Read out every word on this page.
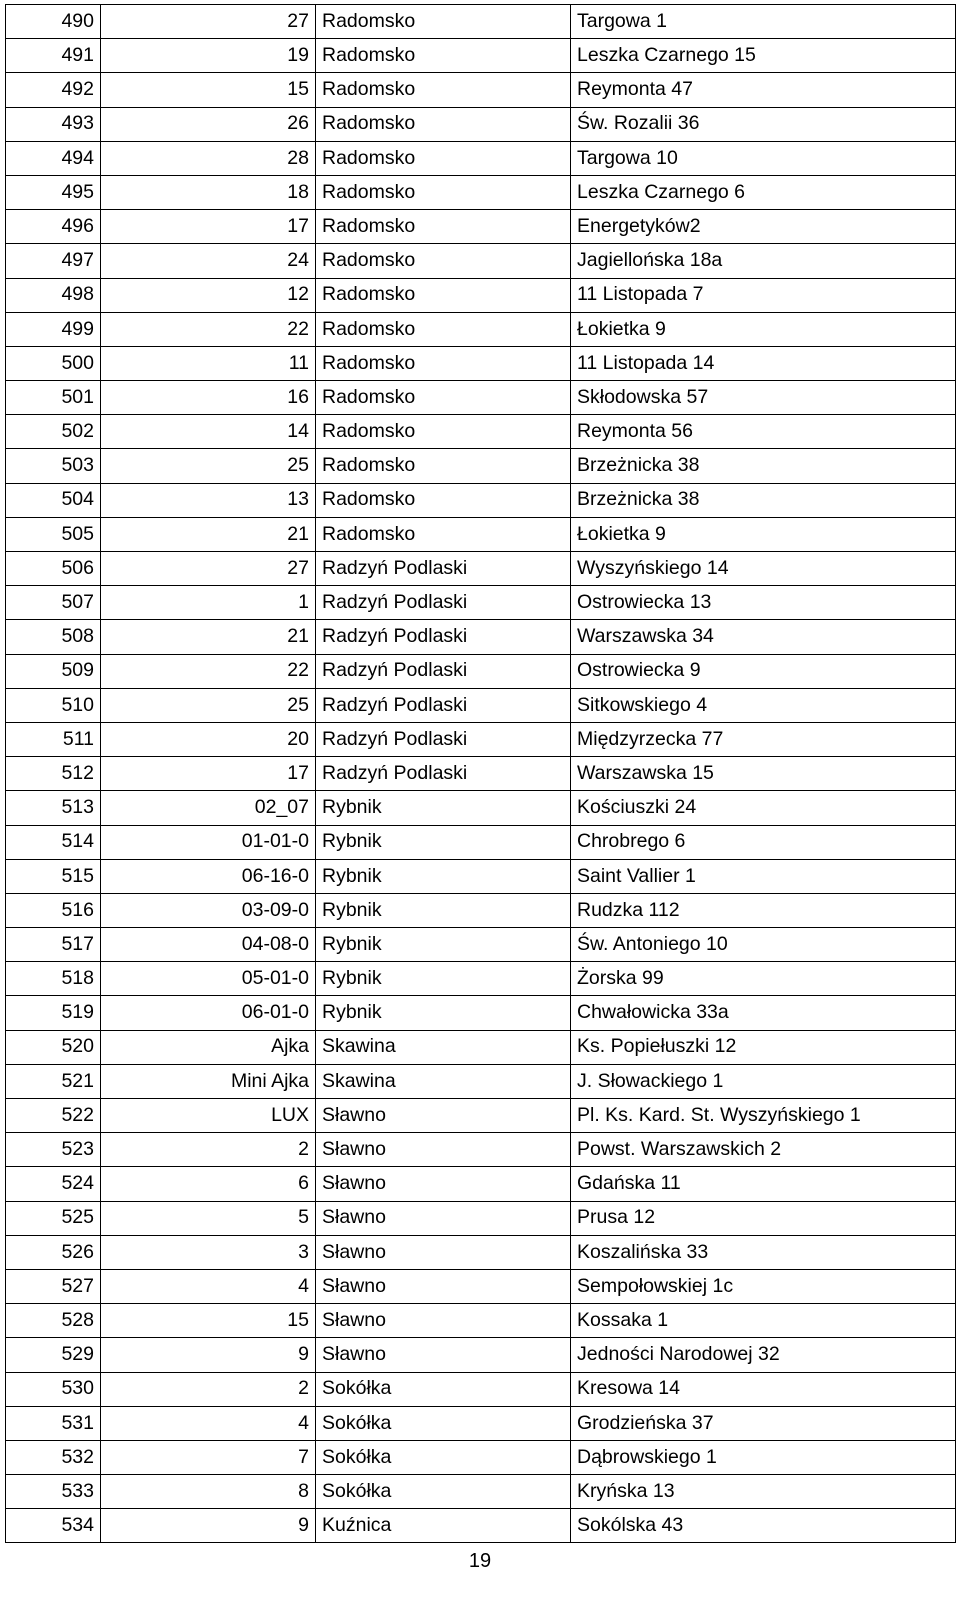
490	27	Radomsko	Targowa 1
491	19	Radomsko	Leszka Czarnego 15
492	15	Radomsko	Reymonta 47
493	26	Radomsko	Św. Rozalii 36
494	28	Radomsko	Targowa 10
495	18	Radomsko	Leszka Czarnego 6
496	17	Radomsko	Energetyków2
497	24	Radomsko	Jagiellońska 18a
498	12	Radomsko	11 Listopada 7
499	22	Radomsko	Łokietka 9
500	11	Radomsko	11 Listopada 14
501	16	Radomsko	Skłodowska 57
502	14	Radomsko	Reymonta 56
503	25	Radomsko	Brzeżnicka 38
504	13	Radomsko	Brzeżnicka 38
505	21	Radomsko	Łokietka 9
506	27	Radzyń Podlaski	Wyszyńskiego 14
507	1	Radzyń Podlaski	Ostrowiecka 13
508	21	Radzyń Podlaski	Warszawska 34
509	22	Radzyń Podlaski	Ostrowiecka 9
510	25	Radzyń Podlaski	Sitkowskiego 4
511	20	Radzyń Podlaski	Międzyrzecka 77
512	17	Radzyń Podlaski	Warszawska 15
513	02_07	Rybnik	Kościuszki 24
514	01-01-0	Rybnik	Chrobrego 6
515	06-16-0	Rybnik	Saint Vallier 1
516	03-09-0	Rybnik	Rudzka 112
517	04-08-0	Rybnik	Św. Antoniego 10
518	05-01-0	Rybnik	Żorska 99
519	06-01-0	Rybnik	Chwałowicka 33a
520	Ajka	Skawina	Ks. Popiełuszki 12
521	Mini Ajka	Skawina	J. Słowackiego 1
522	LUX	Sławno	Pl. Ks. Kard. St. Wyszyńskiego 1
523	2	Sławno	Powst. Warszawskich 2
524	6	Sławno	Gdańska 11
525	5	Sławno	Prusa 12
526	3	Sławno	Koszalińska 33
527	4	Sławno	Sempołowskiej 1c
528	15	Sławno	Kossaka 1
529	9	Sławno	Jedności Narodowej 32
530	2	Sokółka	Kresowa 14
531	4	Sokółka	Grodzieńska 37
532	7	Sokółka	Dąbrowskiego 1
533	8	Sokółka	Kryńska 13
534	9	Kuźnica	Sokólska 43
19
